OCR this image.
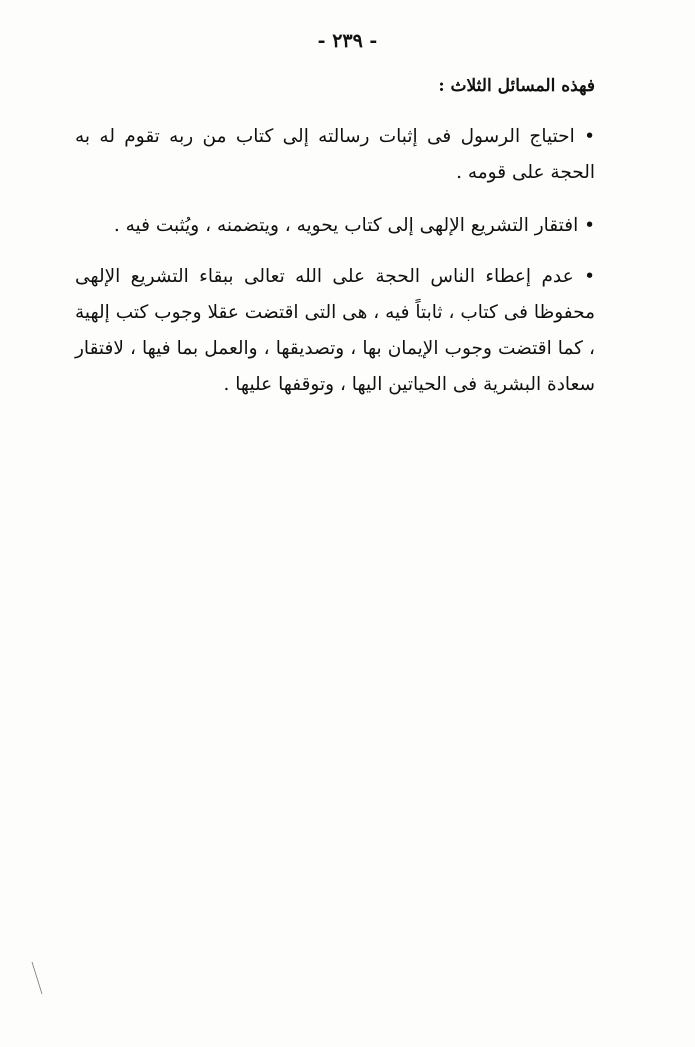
- ٢٣٩ -
فهذه المسائل الثلاث :
• احتياج الرسول فى إثبات رسالته إلى كتاب من ربه تقوم له به الحجة على قومه .
• افتقار التشريع الإلهى إلى كتاب يحويه ، ويتضمنه ، ويُثبت فيه .
• عدم إعطاء الناس الحجة على الله تعالى ببقاء التشريع الإلهى محفوظا فى كتاب ، ثابتاً فيه ، هى التى اقتضت عقلا وجوب كتب إلهية ، كما اقتضت وجوب الإيمان بها ، وتصديقها ، والعمل بما فيها ، لافتقار سعادة البشرية فى الحياتين اليها ، وتوقفها عليها .
